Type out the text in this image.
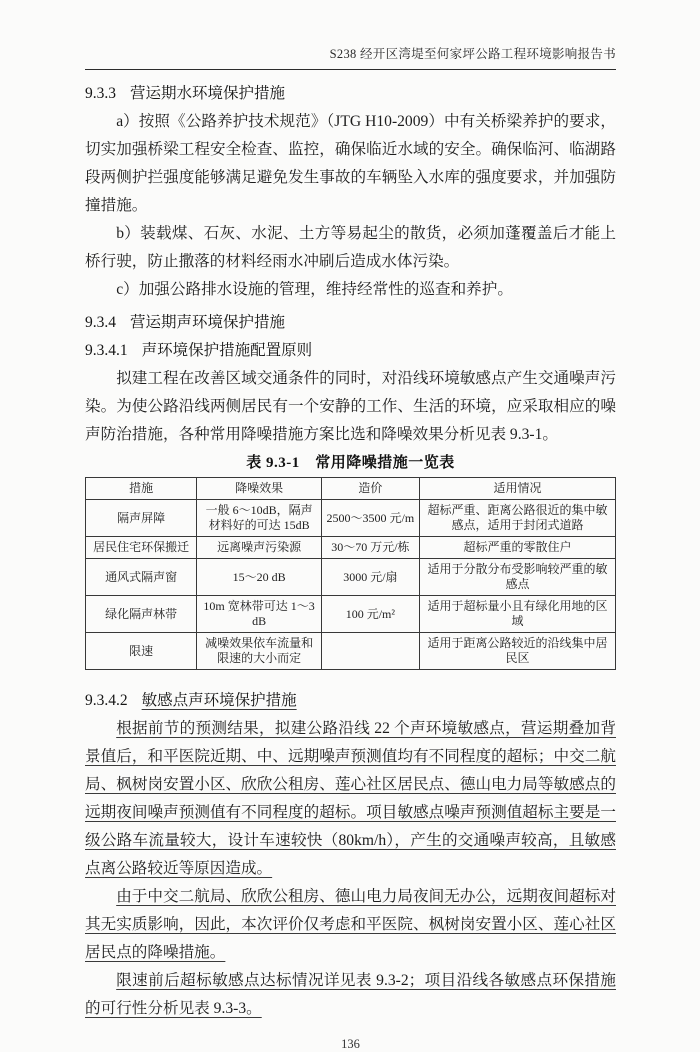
S238 经开区湾堤至何家坪公路工程环境影响报告书
9.3.3 营运期水环境保护措施

a）按照《公路养护技术规范》（JTG H10-2009）中有关桥梁养护的要求，切实加强桥梁工程安全检查、监控，确保临近水域的安全。确保临河、临湖路段两侧护拦强度能够满足避免发生事故的车辆坠入水库的强度要求，并加强防撞措施。

b）装载煤、石灰、水泥、土方等易起尘的散货，必须加蓬覆盖后才能上桥行驶，防止撒落的材料经雨水冲刷后造成水体污染。

c）加强公路排水设施的管理，维持经常性的巡查和养护。

9.3.4 营运期声环境保护措施
9.3.4.1 声环境保护措施配置原则

拟建工程在改善区域交通条件的同时，对沿线环境敏感点产生交通噪声污染。为使公路沿线两侧居民有一个安静的工作、生活的环境，应采取相应的噪声防治措施，各种常用降噪措施方案比选和降噪效果分析见表 9.3-1。

表 9.3-1　常用降噪措施一览表
措施	降噪效果	造价	适用情况
隔声屏障	一般 6～10dB，隔声材料好的可达 15dB	2500～3500 元/m	超标严重、距离公路很近的集中敏感点，适用于封闭式道路
居民住宅环保搬迁	远离噪声污染源	30～70 万元/栋	超标严重的零散住户
通风式隔声窗	15～20 dB	3000 元/扇	适用于分散分布受影响较严重的敏感点
绿化隔声林带	10m 宽林带可达 1～3 dB	100 元/m²	适用于超标量小且有绿化用地的区域
限速	减噪效果依车流量和限速的大小而定		适用于距离公路较近的沿线集中居民区
9.3.4.2 敏感点声环境保护措施

根据前节的预测结果，拟建公路沿线 22 个声环境敏感点，营运期叠加背景值后，和平医院近期、中、远期噪声预测值均有不同程度的超标；中交二航局、枫树岗安置小区、欣欣公租房、莲心社区居民点、德山电力局等敏感点的远期夜间噪声预测值有不同程度的超标。项目敏感点噪声预测值超标主要是一级公路车流量较大，设计车速较快（80km/h），产生的交通噪声较高，且敏感点离公路较近等原因造成。

由于中交二航局、欣欣公租房、德山电力局夜间无办公，远期夜间超标对其无实质影响，因此，本次评价仅考虑和平医院、枫树岗安置小区、莲心社区居民点的降噪措施。

限速前后超标敏感点达标情况详见表 9.3-2；项目沿线各敏感点环保措施的可行性分析见表 9.3-3。

136
